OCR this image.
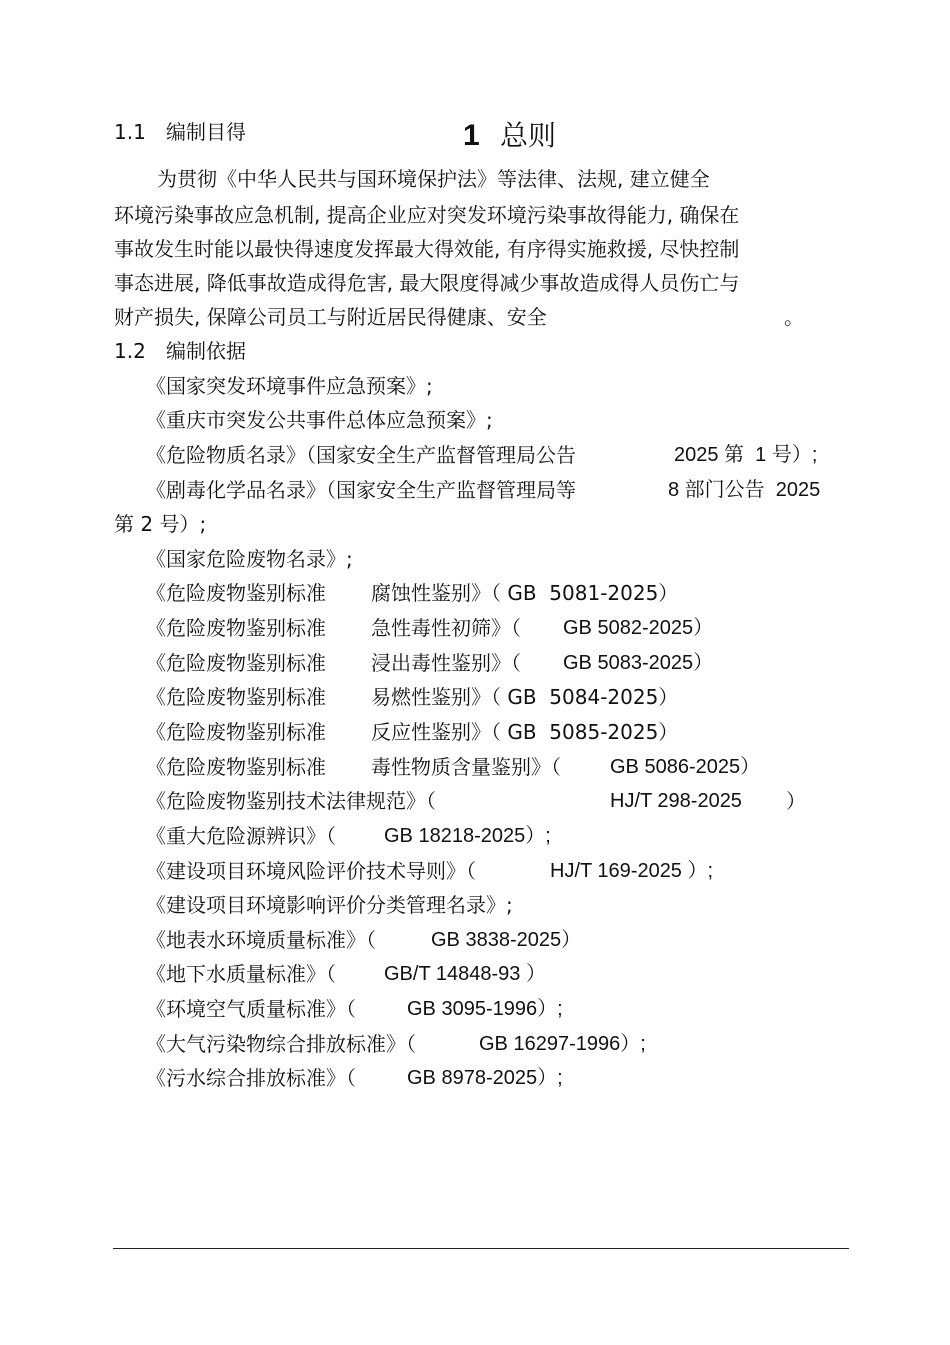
1.1 编制目得	1 总则
为贯彻《中华人民共与国环境保护法》等法律、法规, 建立健全
环境污染事故应急机制, 提高企业应对突发环境污染事故得能力, 确保在
事故发生时能以最快得速度发挥最大得效能, 有序得实施救援, 尽快控制
事态进展, 降低事故造成得危害, 最大限度得减少事故造成得人员伤亡与
财产损失, 保障公司员工与附近居民得健康、安全	。
1.2 编制依据
《国家突发环境事件应急预案》;
《重庆市突发公共事件总体应急预案》;
《危险物质名录》（国家安全生产监督管理局公告	2025 第  1 号）;
《剧毒化学品名录》（国家安全生产监督管理局等	8 部门公告  2025
第 2 号）;
《国家危险废物名录》;
《危险废物鉴别标准 腐蚀性鉴别》（ GB  5081-2025）
《危险废物鉴别标准 急性毒性初筛》（ GB 5082-2025）
《危险废物鉴别标准 浸出毒性鉴别》（ GB 5083-2025）
《危险废物鉴别标准 易燃性鉴别》（ GB  5084-2025）
《危险废物鉴别标准 反应性鉴别》（ GB  5085-2025）
《危险废物鉴别标准 毒性物质含量鉴别》（ GB 5086-2025）
《危险废物鉴别技术法律规范》（	HJ/T 298-2025 ）
《重大危险源辨识》（ GB 18218-2025）;
《建设项目环境风险评价技术导则》（	HJ/T 169-2025 ）;
《建设项目环境影响评价分类管理名录》;
《地表水环境质量标准》（	GB 3838-2025）
《地下水质量标准》（ GB/T 14848-93 ）
《环境空气质量标准》（	GB 3095-1996）;
《大气污染物综合排放标准》（	GB 16297-1996）;
《污水综合排放标准》（	GB 8978-2025）;
